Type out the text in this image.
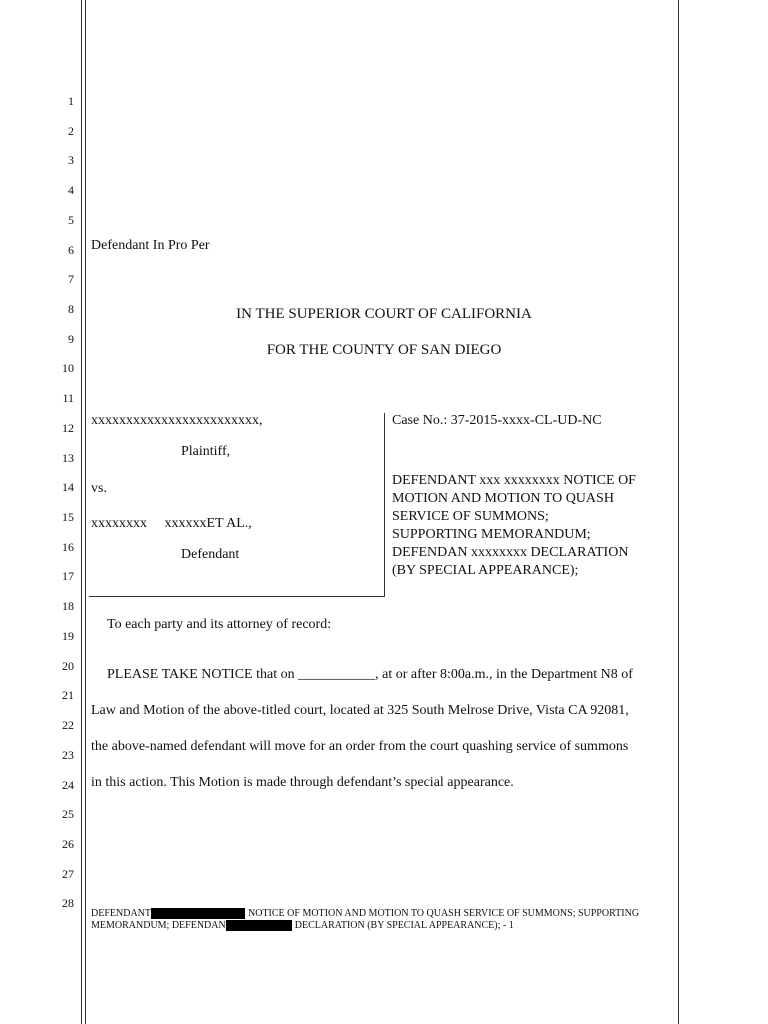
1
2
3
4
5
6
7
8
9
10
11
12
13
14
15
16
17
18
19
20
21
22
23
24
25
26
27
28
Defendant In Pro Per
IN THE SUPERIOR COURT OF CALIFORNIA
FOR THE COUNTY OF SAN DIEGO
xxxxxxxxxxxxxxxxxxxxxxxx,
Plaintiff,
vs.
xxxxxxxx     xxxxxxET AL.,
Defendant
Case No.: 37-2015-xxxx-CL-UD-NC
DEFENDANT xxx xxxxxxxx NOTICE OF
MOTION AND MOTION TO QUASH
SERVICE OF SUMMONS;
SUPPORTING MEMORANDUM;
DEFENDAN xxxxxxxx DECLARATION
(BY SPECIAL APPEARANCE);
To each party and its attorney of record:
PLEASE TAKE NOTICE that on ___________, at or after 8:00a.m., in the Department N8 of
Law and Motion of the above-titled court, located at 325 South Melrose Drive, Vista CA 92081,
the above-named defendant will move for an order from the court quashing service of summons
in this action. This Motion is made through defendant’s special appearance.
DEFENDANT	NOTICE OF MOTION AND MOTION TO QUASH SERVICE OF SUMMONS; SUPPORTING
MEMORANDUM; DEFENDAN	DECLARATION (BY SPECIAL APPEARANCE); - 1
